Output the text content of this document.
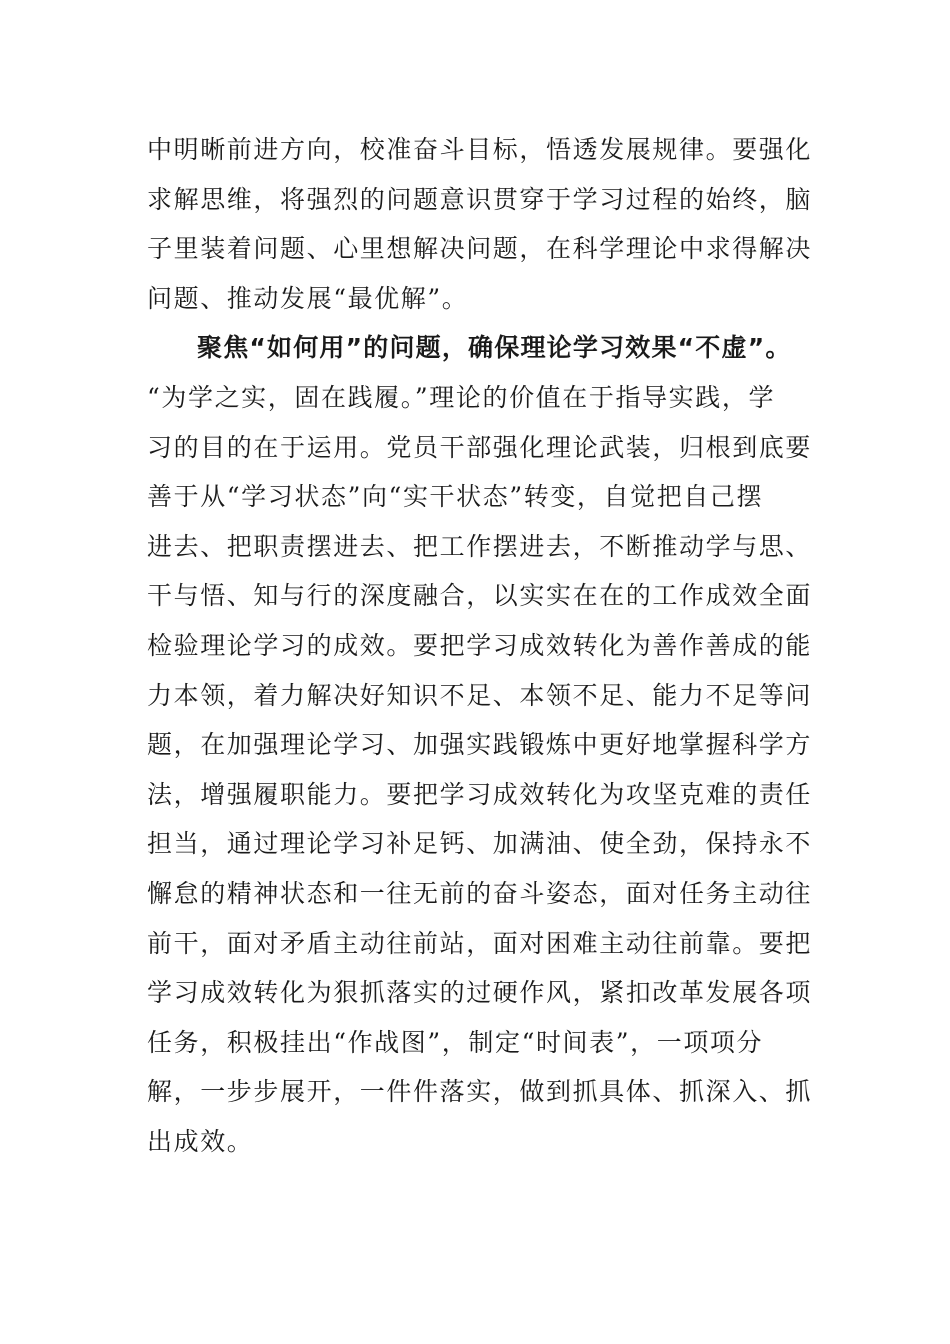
中明晰前进方向，校准奋斗目标，悟透发展规律。要强化
求解思维，将强烈的问题意识贯穿于学习过程的始终，脑
子里装着问题、心里想解决问题，在科学理论中求得解决
问题、推动发展“最优解”。
聚焦“如何用”的问题，确保理论学习效果“不虚”。
“为学之实，固在践履。”理论的价值在于指导实践，学
习的目的在于运用。党员干部强化理论武装，归根到底要
善于从“学习状态”向“实干状态”转变，自觉把自己摆
进去、把职责摆进去、把工作摆进去，不断推动学与思、
干与悟、知与行的深度融合，以实实在在的工作成效全面
检验理论学习的成效。要把学习成效转化为善作善成的能
力本领，着力解决好知识不足、本领不足、能力不足等问
题，在加强理论学习、加强实践锻炼中更好地掌握科学方
法，增强履职能力。要把学习成效转化为攻坚克难的责任
担当，通过理论学习补足钙、加满油、使全劲，保持永不
懈怠的精神状态和一往无前的奋斗姿态，面对任务主动往
前干，面对矛盾主动往前站，面对困难主动往前靠。要把
学习成效转化为狠抓落实的过硬作风，紧扣改革发展各项
任务，积极挂出“作战图”，制定“时间表”，一项项分
解，一步步展开，一件件落实，做到抓具体、抓深入、抓
出成效。
